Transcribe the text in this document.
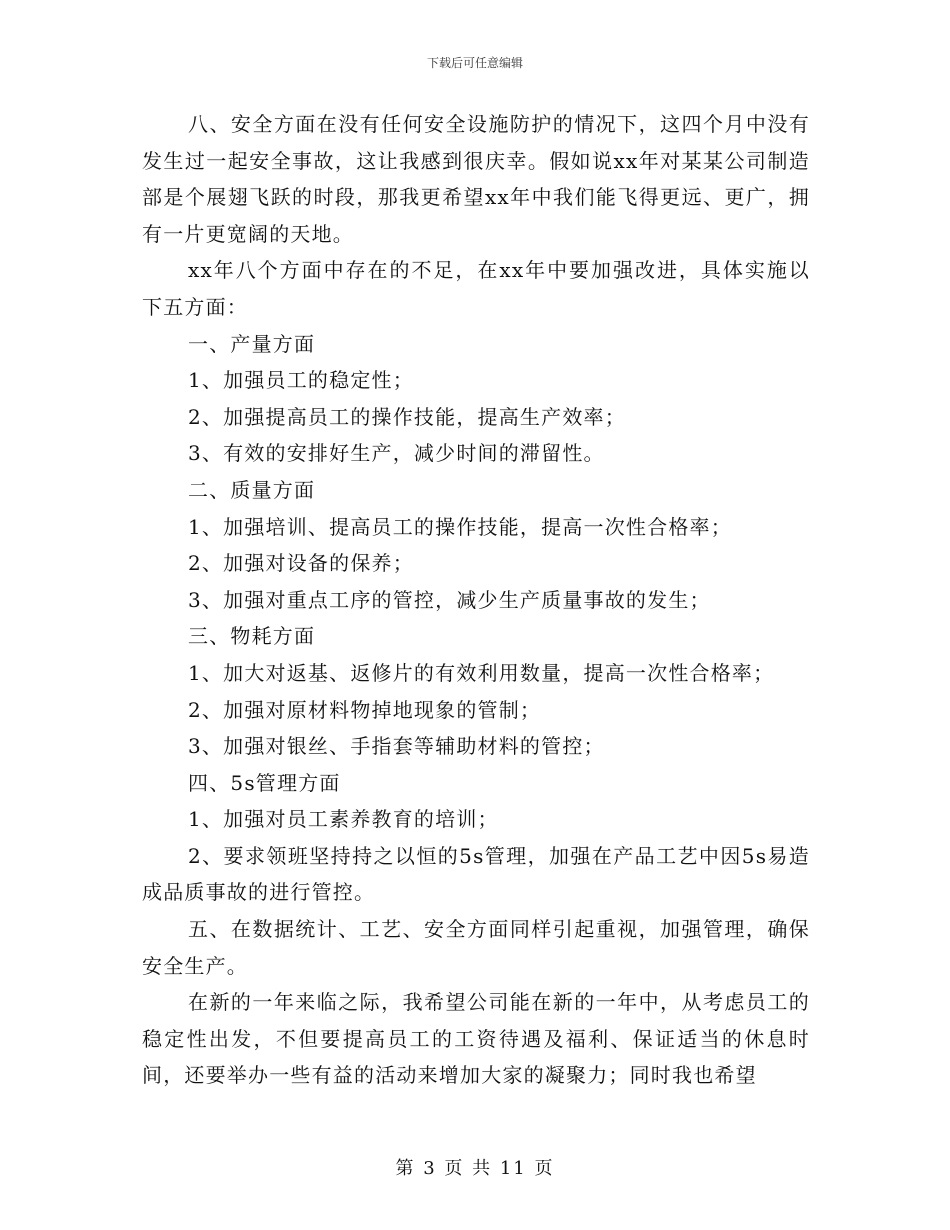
下载后可任意编辑

八、安全方面在没有任何安全设施防护的情况下，这四个月中没有发生过一起安全事故，这让我感到很庆幸。假如说xx年对某某公司制造部是个展翅飞跃的时段，那我更希望xx年中我们能飞得更远、更广，拥有一片更宽阔的天地。

xx年八个方面中存在的不足，在xx年中要加强改进，具体实施以下五方面：

一、产量方面

1、加强员工的稳定性；

2、加强提高员工的操作技能，提高生产效率；

3、有效的安排好生产，减少时间的滞留性。

二、质量方面

1、加强培训、提高员工的操作技能，提高一次性合格率；

2、加强对设备的保养；

3、加强对重点工序的管控，减少生产质量事故的发生；

三、物耗方面

1、加大对返基、返修片的有效利用数量，提高一次性合格率；

2、加强对原材料物掉地现象的管制；

3、加强对银丝、手指套等辅助材料的管控；

四、5s管理方面

1、加强对员工素养教育的培训；

2、要求领班坚持持之以恒的5s管理，加强在产品工艺中因5s易造成品质事故的进行管控。

五、在数据统计、工艺、安全方面同样引起重视，加强管理，确保安全生产。

在新的一年来临之际，我希望公司能在新的一年中，从考虑员工的稳定性出发，不但要提高员工的工资待遇及福利、保证适当的休息时间，还要举办一些有益的活动来增加大家的凝聚力；同时我也希望

第 3 页 共 11 页
